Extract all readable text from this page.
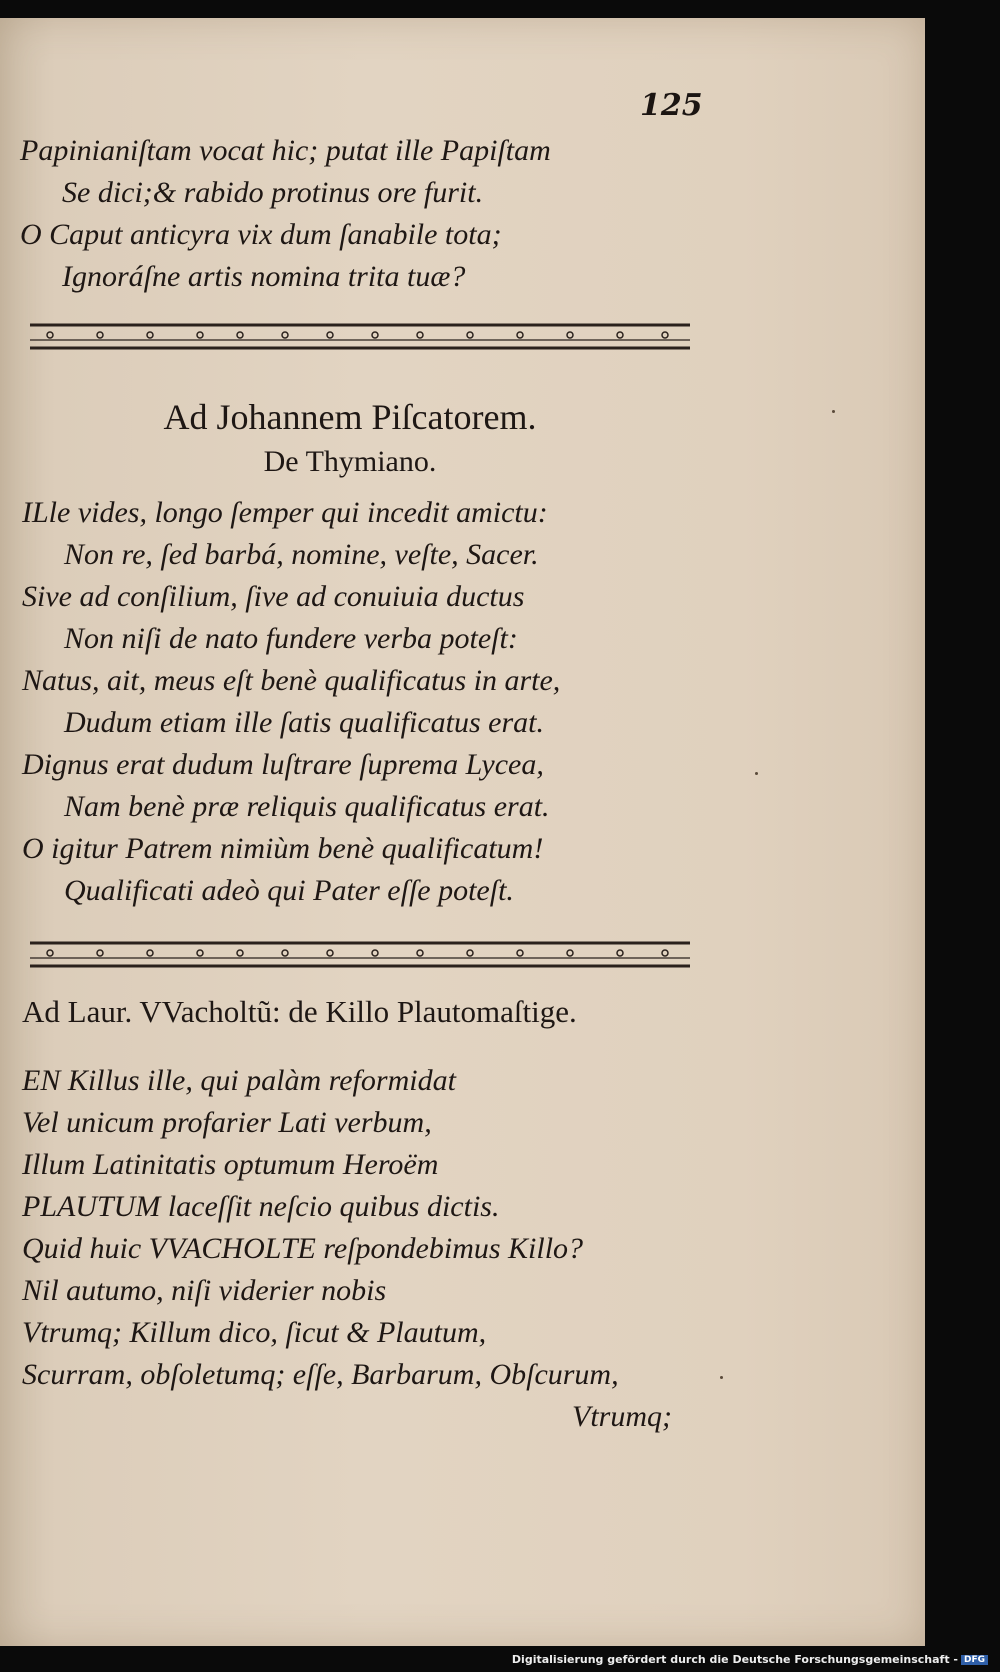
125
Papinianiſtam vocat hic; putat ille Papiſtam
Se dici;& rabido protinus ore furit.
O Caput anticyra vix dum ſanabile tota;
Ignoráſne artis nomina trita tuæ?
Ad Johannem Piſcatorem.
De Thymiano.
ILle vides, longo ſemper qui incedit amictu:
Non re, ſed barbá, nomine, veſte, Sacer.
Sive ad conſilium, ſive ad conuiuia ductus
Non niſi de nato fundere verba poteſt:
Natus, ait, meus eſt benè qualificatus in arte,
Dudum etiam ille ſatis qualificatus erat.
Dignus erat dudum luſtrare ſuprema Lycea,
Nam benè præ reliquis qualificatus erat.
O igitur Patrem nimiùm benè qualificatum!
Qualificati adeò qui Pater eſſe poteſt.
Ad Laur. VVacholtũ: de Killo Plautomaſtige.
EN Killus ille, qui palàm reformidat
Vel unicum profarier Lati verbum,
Illum Latinitatis optumum Heroëm
PLAUTUM laceſſit neſcio quibus dictis.
Quid huic VVACHOLTE reſpondebimus Killo?
Nil autumo, niſi viderier nobis
Vtrumq; Killum dico, ſicut & Plautum,
Scurram, obſoletumq; eſſe, Barbarum, Obſcurum,
Vtrumq;
Digitalisierung gefördert durch die Deutsche Forschungsgemeinschaft - DFG
